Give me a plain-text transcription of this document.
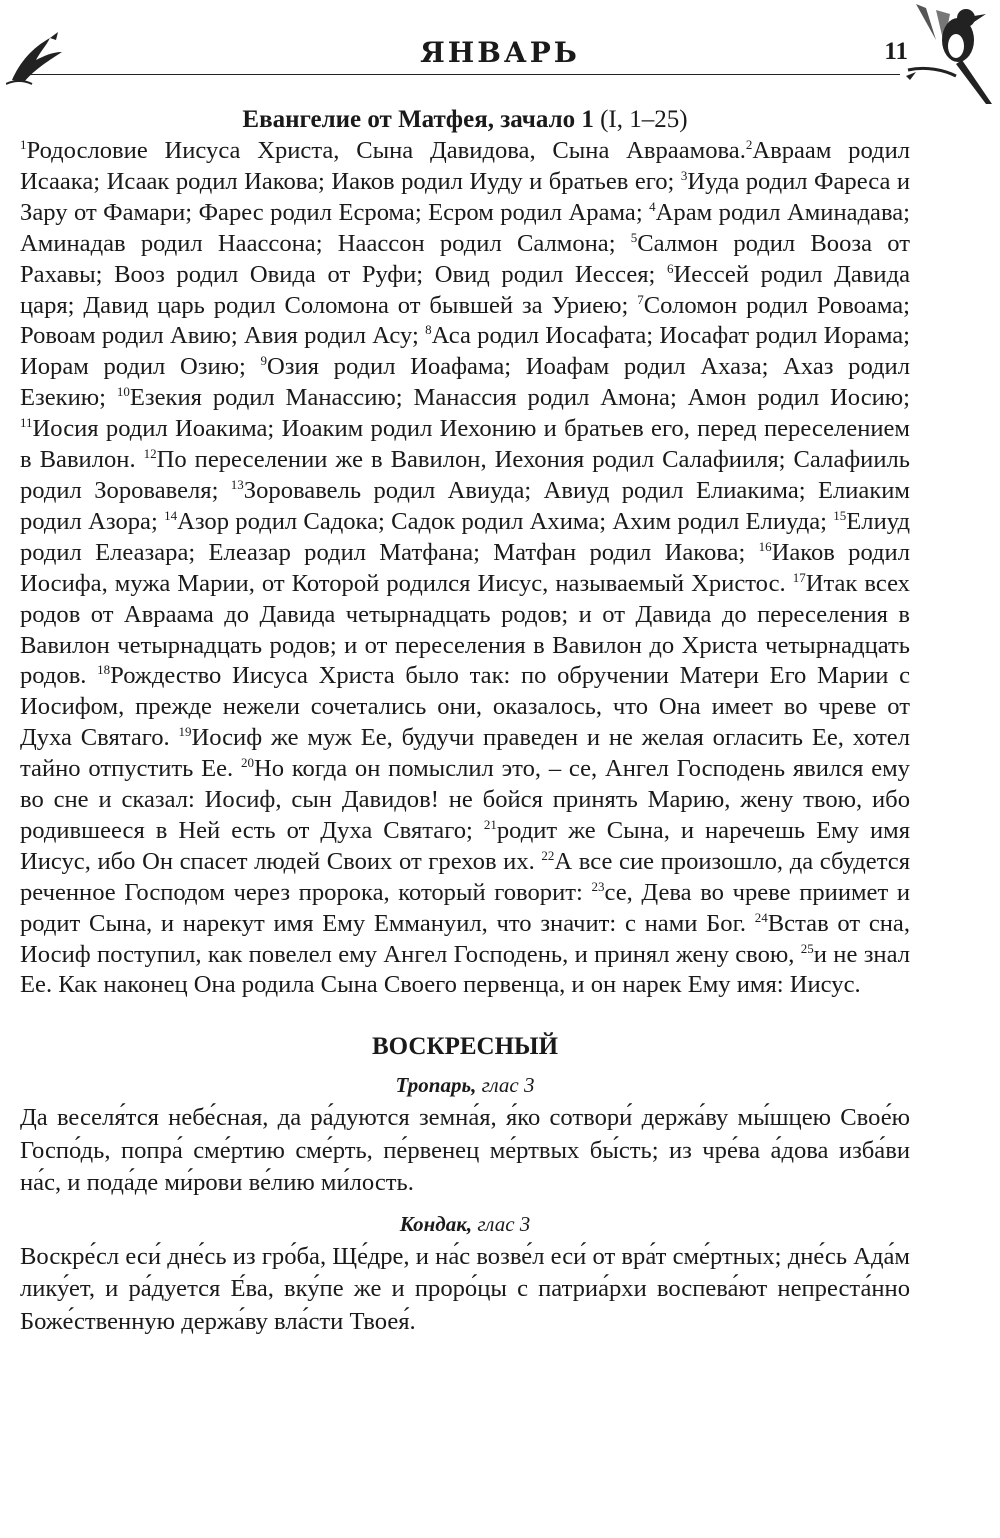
ЯНВАРЬ	11
Евангелие от Матфея, зачало 1 (I, 1–25)

$^1$Родословие Иисуса Христа, Сына Давидова, Сына Авраамова.$^2$Авраам родил Исаака; Исаак родил Иакова; Иаков родил Иуду и братьев его; $^3$Иуда родил Фареса и Зару от Фамари; Фарес родил Есрома; Есром родил Арама; $^4$Арам родил Аминадава; Аминадав родил Наассона; Наассон родил Салмона; $^5$Салмон родил Вооза от Рахавы; Вооз родил Овида от Руфи; Овид родил Иессея; $^6$Иессей родил Давида царя; Давид царь родил Соломона от бывшей за Уриею; $^7$Соломон родил Ровоама; Ровоам родил Авию; Авия родил Асу; $^8$Аса родил Иосафата; Иосафат родил Иорама; Иорам родил Озию; $^9$Озия родил Иоафама; Иоафам родил Ахаза; Ахаз родил Езекию; $^{10}$Езекия родил Манассию; Манассия родил Амона; Амон родил Иосию; $^{11}$Иосия родил Иоакима; Иоаким родил Иехонию и братьев его, перед переселением в Вавилон. $^{12}$По переселении же в Вавилон, Иехония родил Салафииля; Салафииль родил Зоровавеля; $^{13}$Зоровавель родил Авиуда; Авиуд родил Елиакима; Елиаким родил Азора; $^{14}$Азор родил Садока; Садок родил Ахима; Ахим родил Елиуда; $^{15}$Елиуд родил Елеазара; Елеазар родил Матфана; Матфан родил Иакова; $^{16}$Иаков родил Иосифа, мужа Марии, от Которой родился Иисус, называемый Христос. $^{17}$Итак всех родов от Авраама до Давида четырнадцать родов; и от Давида до переселения в Вавилон четырнадцать родов; и от переселения в Вавилон до Христа четырнадцать родов. $^{18}$Рождество Иисуса Христа было так: по обручении Матери Его Марии с Иосифом, прежде нежели сочетались они, оказалось, что Она имеет во чреве от Духа Святаго. $^{19}$Иосиф же муж Ее, будучи праведен и не желая огласить Ее, хотел тайно отпустить Ее. $^{20}$Но когда он помыслил это, – се, Ангел Господень явился ему во сне и сказал: Иосиф, сын Давидов! не бойся принять Марию, жену твою, ибо родившееся в Ней есть от Духа Святаго; $^{21}$родит же Сына, и наречешь Ему имя Иисус, ибо Он спасет людей Своих от грехов их. $^{22}$А все сие произошло, да сбудется реченное Господом через пророка, который говорит: $^{23}$се, Дева во чреве приимет и родит Сына, и нарекут имя Ему Еммануил, что значит: с нами Бог. $^{24}$Встав от сна, Иосиф поступил, как повелел ему Ангел Господень, и принял жену свою, $^{25}$и не знал Ее. Как наконец Она родила Сына Своего первенца, и он нарек Ему имя: Иисус.

ВОСКРЕСНЫЙ
Тропарь, глас 3

Да веселя́тся небе́сная, да ра́дуются земна́я, я́ко сотвори́ держа́ву мы́шцею Свое́ю Госпо́дь, попра́ сме́ртию сме́рть, пе́рвенец ме́ртвых бы́сть; из чре́ва а́дова изба́ви на́с, и пода́де ми́рови ве́лию ми́лость.

Кондак, глас 3

Воскре́сл еси́ дне́сь из гро́ба, Ще́дре, и на́с возве́л еси́ от вра́т сме́ртных; дне́сь Ада́м лику́ет, и ра́дуется Е́ва, вку́пе же и проро́цы с патриа́рхи воспева́ют непреста́нно Боже́ственную держа́ву вла́сти Твоея́.
